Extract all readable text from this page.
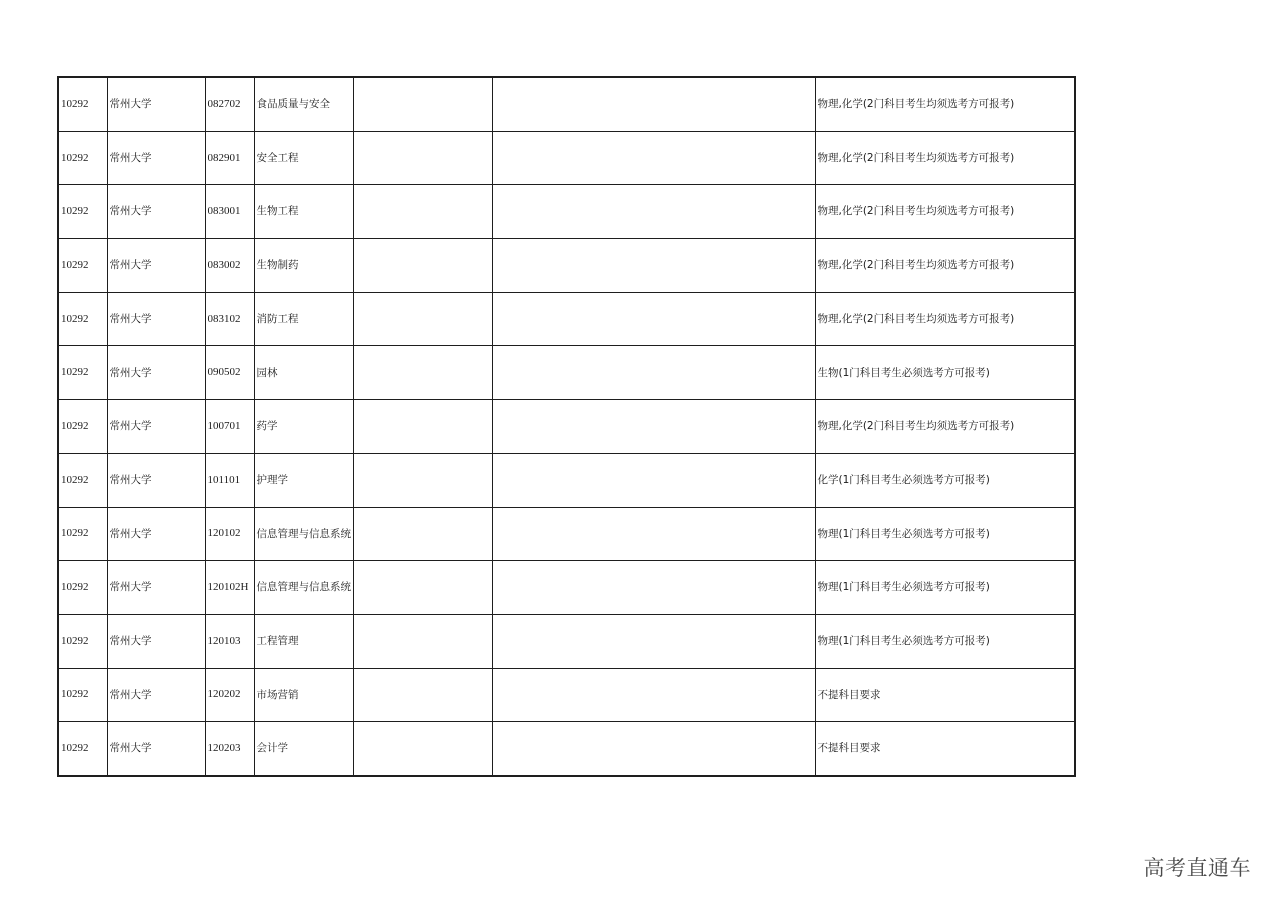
10292	常州大学	082702	食品质量与安全			物理,化学(2门科目考生均须选考方可报考)
10292	常州大学	082901	安全工程			物理,化学(2门科目考生均须选考方可报考)
10292	常州大学	083001	生物工程			物理,化学(2门科目考生均须选考方可报考)
10292	常州大学	083002	生物制药			物理,化学(2门科目考生均须选考方可报考)
10292	常州大学	083102	消防工程			物理,化学(2门科目考生均须选考方可报考)
10292	常州大学	090502	园林			生物(1门科目考生必须选考方可报考)
10292	常州大学	100701	药学			物理,化学(2门科目考生均须选考方可报考)
10292	常州大学	101101	护理学			化学(1门科目考生必须选考方可报考)
10292	常州大学	120102	信息管理与信息系统			物理(1门科目考生必须选考方可报考)
10292	常州大学	120102H	信息管理与信息系统			物理(1门科目考生必须选考方可报考)
10292	常州大学	120103	工程管理			物理(1门科目考生必须选考方可报考)
10292	常州大学	120202	市场营销			不提科目要求
10292	常州大学	120203	会计学			不提科目要求
高考直通车
